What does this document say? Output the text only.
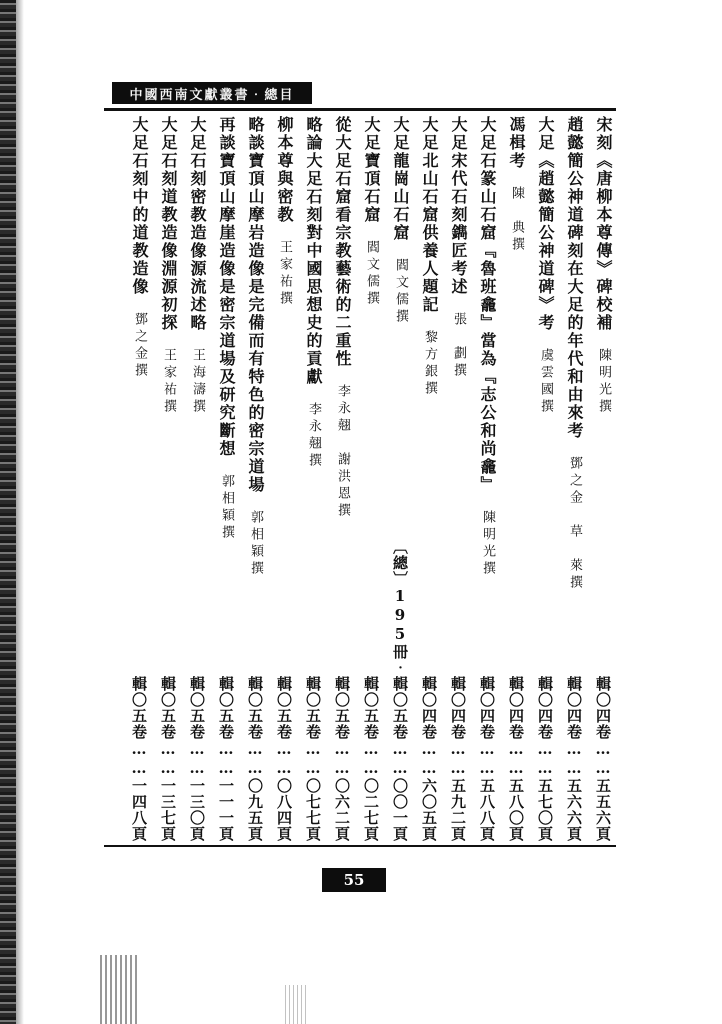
中國西南文獻叢書‧總目
宋刻《唐柳本尊傳》碑校補陳明光撰
輯〇四卷……五五六頁
趙懿簡公神道碑刻在大足的年代和由來考鄧之金　草　萊撰
輯〇四卷……五六六頁
大足《趙懿簡公神道碑》考虞雲國撰
輯〇四卷……五七〇頁
馮楫考陳　典撰
輯〇四卷……五八〇頁
大足石篆山石窟『魯班龕』當為『志公和尚龕』陳明光撰
輯〇四卷……五八八頁
大足宋代石刻鐫匠考述張　劃撰
輯〇四卷……五九二頁
大足北山石窟供養人題記黎方銀撰
輯〇四卷……六〇五頁
大足龍崗山石窟閻文儒撰
〔總〕195冊‧輯〇五卷……〇〇一頁
大足寶頂石窟閻文儒撰
輯〇五卷……〇二七頁
從大足石窟看宗教藝術的二重性李永翹　謝洪恩撰
輯〇五卷……〇六二頁
略論大足石刻對中國思想史的貢獻李永翹撰
輯〇五卷……〇七七頁
柳本尊與密教王家祐撰
輯〇五卷……〇八四頁
略談寶頂山摩岩造像是完備而有特色的密宗道場郭相穎撰
輯〇五卷……〇九五頁
再談寶頂山摩崖造像是密宗道場及研究斷想郭相穎撰
輯〇五卷……一一一頁
大足石刻密教造像源流述略王海濤撰
輯〇五卷……一三〇頁
大足石刻道教造像淵源初探王家祐撰
輯〇五卷……一三七頁
大足石刻中的道教造像鄧之金撰
輯〇五卷……一四八頁
55
